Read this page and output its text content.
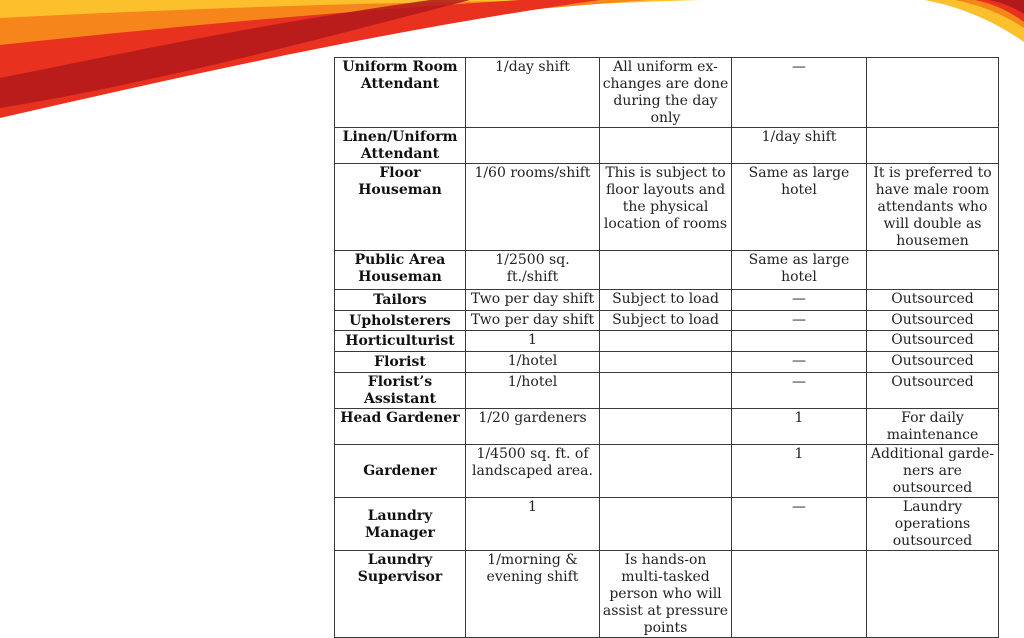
Uniform Room Attendant	1/day shift	All uniform ex-changes are done during the day only	—	
Linen/Uniform Attendant			1/day shift	
Floor Houseman	1/60 rooms/shift	This is subject to floor layouts and the physical location of rooms	Same as large hotel	It is preferred to have male room attendants who will double as housemen
Public Area Houseman	1/2500 sq. ft./shift		Same as large hotel	
Tailors	Two per day shift	Subject to load	—	Outsourced
Upholsterers	Two per day shift	Subject to load	—	Outsourced
Horticulturist	1			Outsourced
Florist	1/hotel		—	Outsourced
Florist’s Assistant	1/hotel		—	Outsourced
Head Gardener	1/20 gardeners		1	For daily maintenance
Gardener	1/4500 sq. ft. of landscaped area.		1	Additional garde-ners are outsourced
Laundry Manager	1		—	Laundry operations outsourced
Laundry Supervisor	1/morning & evening shift	Is hands-on multi-tasked person who will assist at pressure points		
